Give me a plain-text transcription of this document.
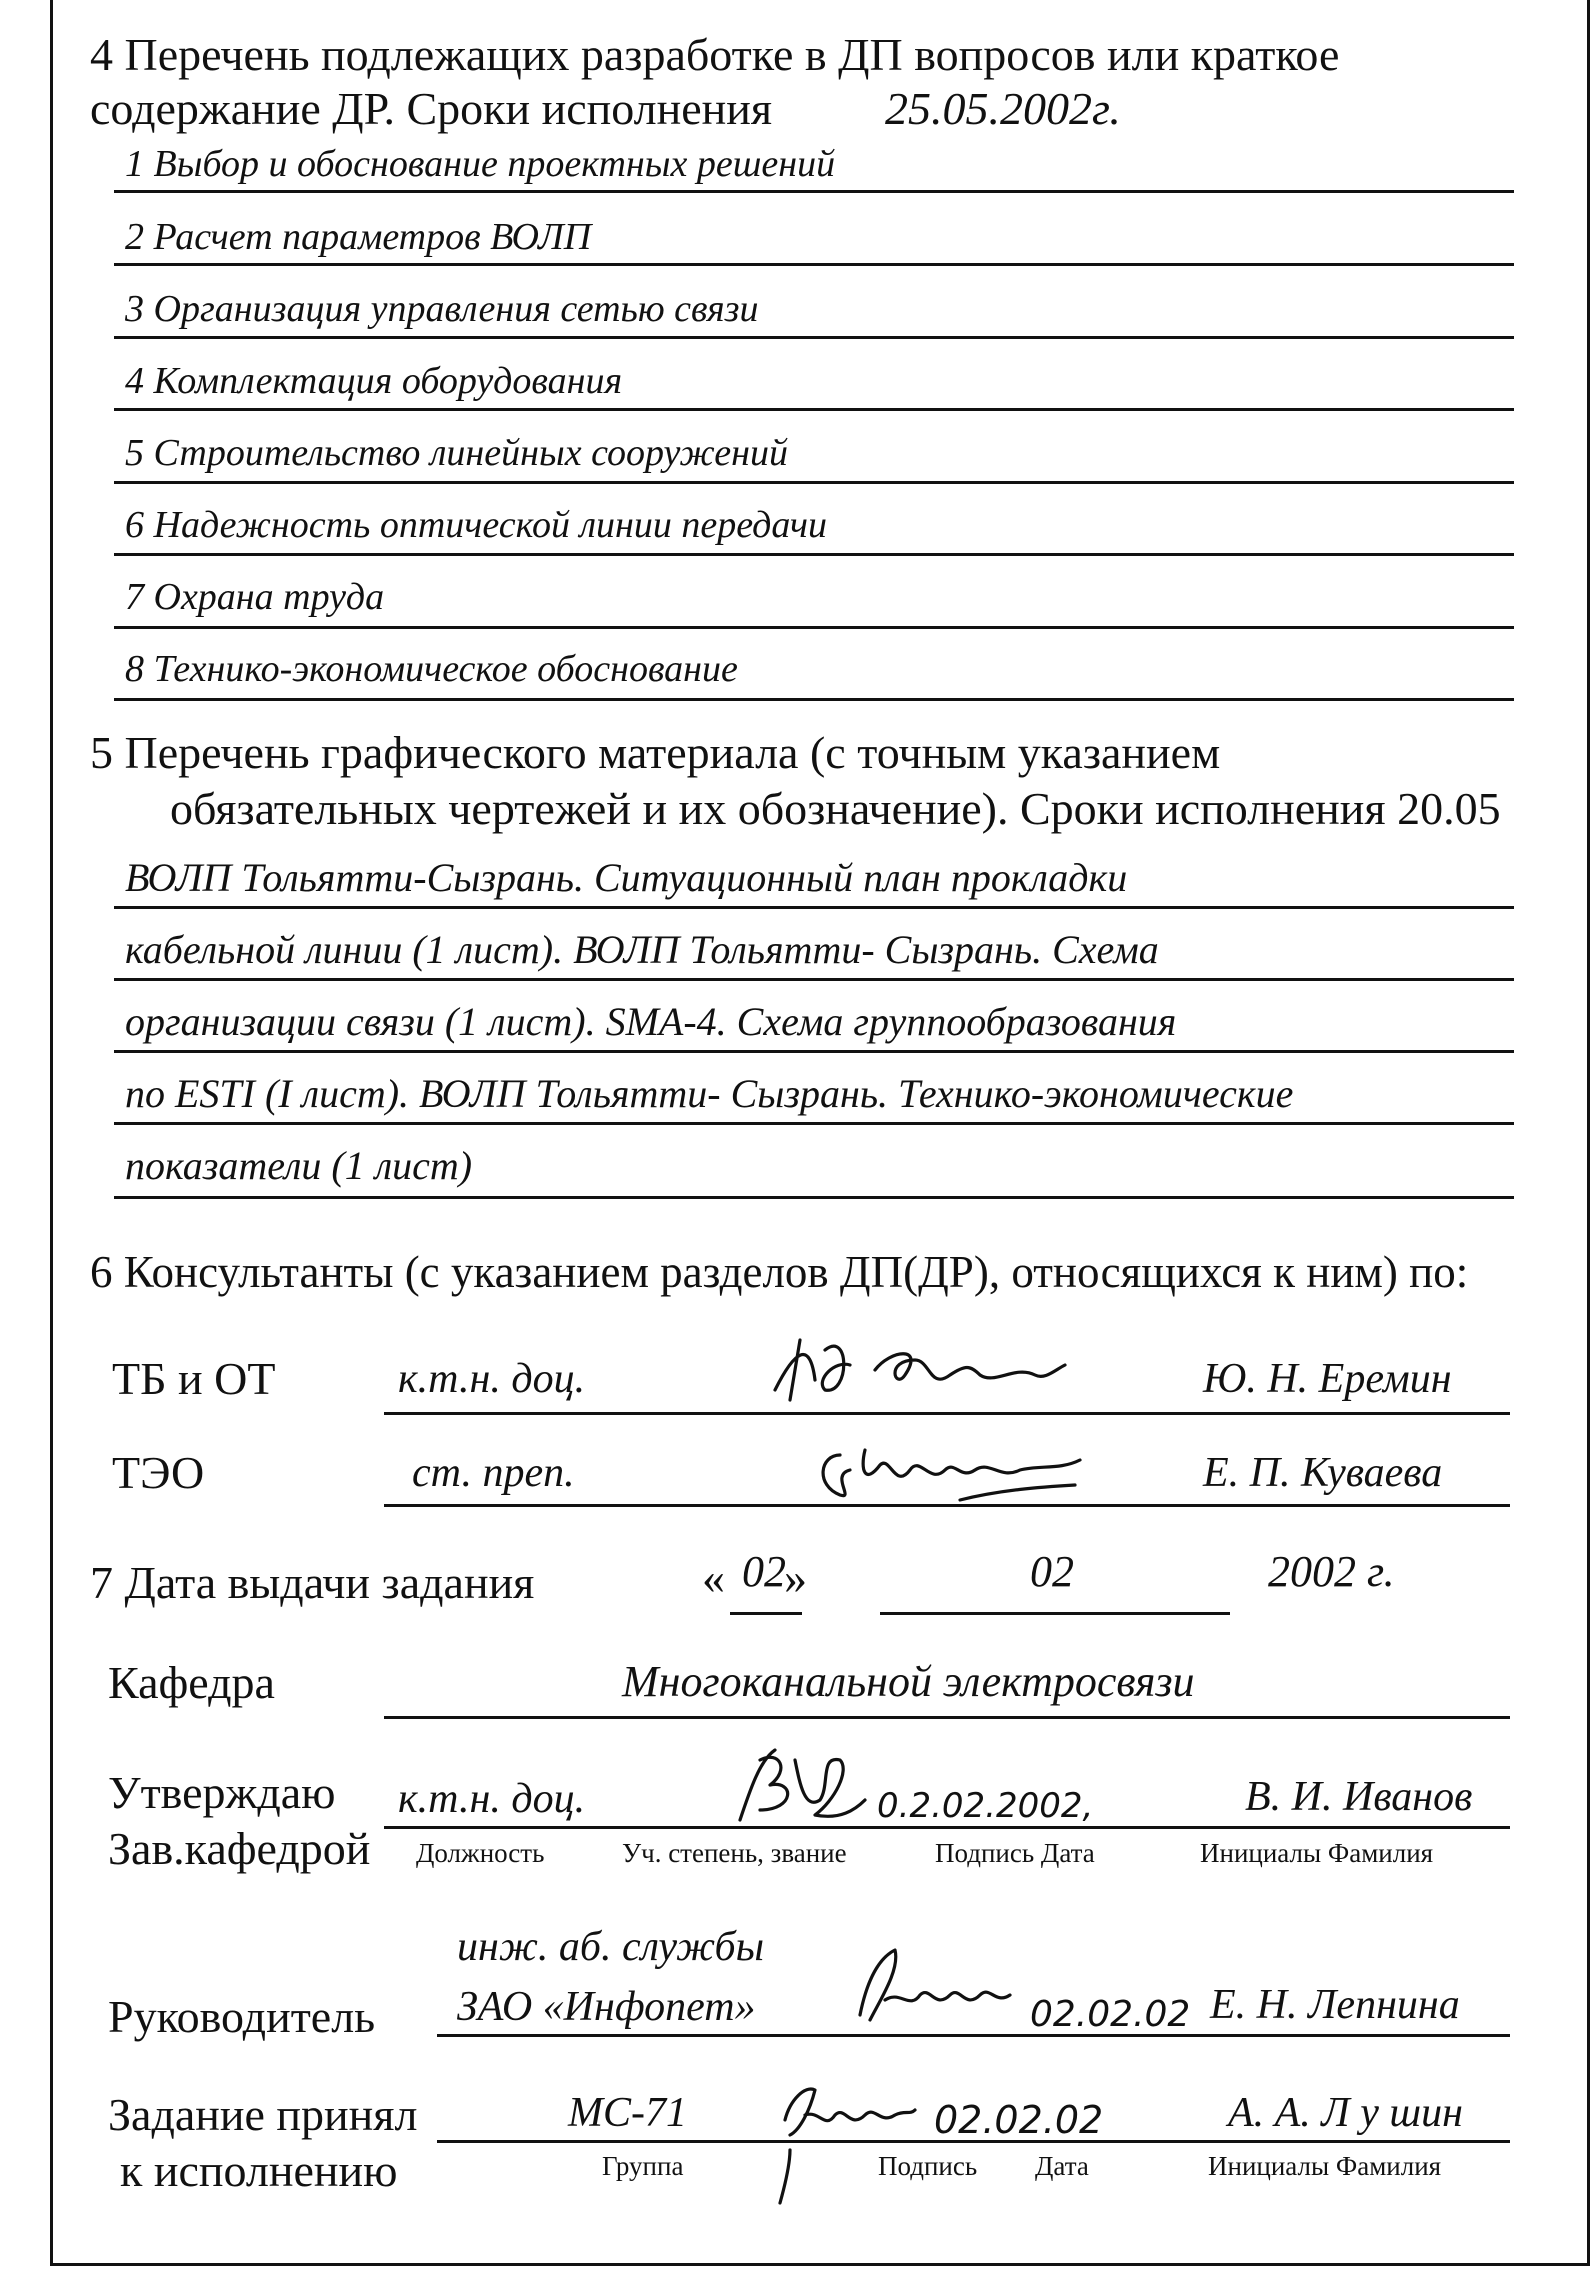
4 Перечень подлежащих разработке в ДП вопросов или краткое
содержание ДР. Сроки исполнения 25.05.2002г.
1 Выбор и обоснование проектных решений
2 Расчет параметров ВОЛП
3 Организация управления сетью связи
4 Комплектация оборудования
5 Строительство линейных сооружений
6 Надежность оптической линии передачи
7 Охрана труда
8 Технико-экономическое обоснование
5 Перечень графического материала (с точным указанием
обязательных чертежей и их обозначение). Сроки исполнения 20.05
ВОЛП Тольятти-Сызрань. Ситуационный план прокладки
кабельной линии (1 лист). ВОЛП Тольятти- Сызрань. Схема
организации связи (1 лист). SMA-4. Схема группообразования
по ESTI (I лист). ВОЛП Тольятти- Сызрань. Технико-экономические
показатели (1 лист)
6 Консультанты (с указанием разделов ДП(ДР), относящихся к ним) по:
ТБ и ОТ	к.т.н. доц.	Ю. Н. Еремин
ТЭО	ст. преп.	Е. П. Куваева
7 Дата выдачи задания	« 02
»	02	2002 г.
Кафедра	Многоканальной электросвязи
Утверждаю
Зав.кафедрой
к.т.н. доц.	0.2.02.2002,	В. И. Иванов
Должность	Уч. степень, звание	Подпись Дата	Инициалы Фамилия
инж. аб. службы
Руководитель ЗАО «Инфопет»	02.02.02 Е. Н. Лепнина
Задание принял
к исполнению
МС-71	02.02.02	А. А. Л у шин
Группа	Подпись Дата	Инициалы Фамилия
